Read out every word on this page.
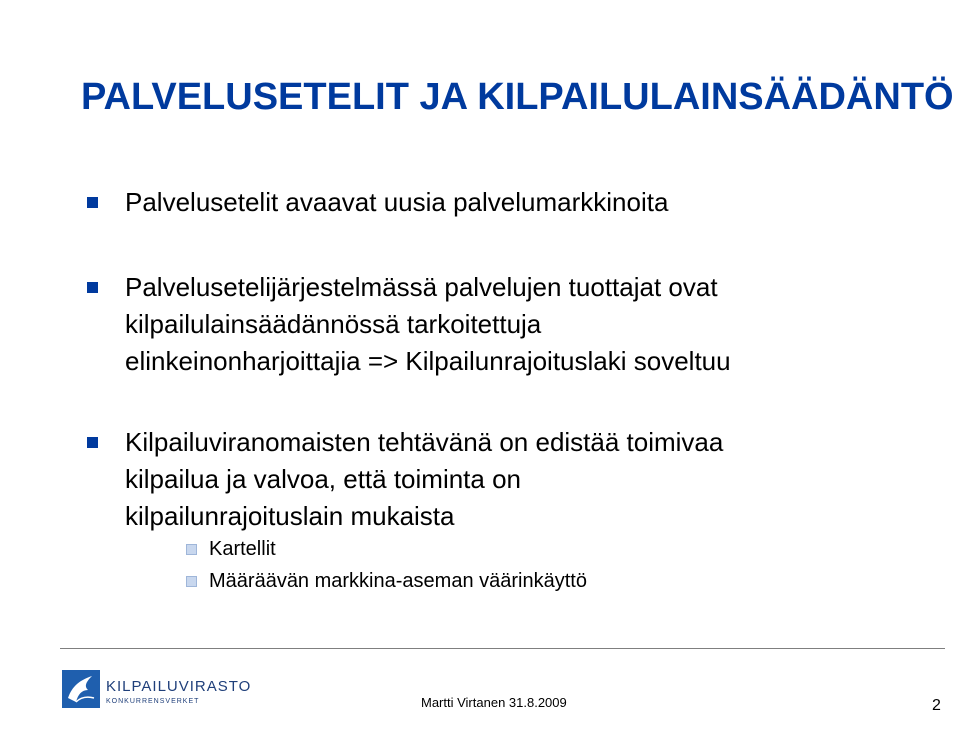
PALVELUSETELIT JA KILPAILULAINSÄÄDÄNTÖ
Palvelusetelit avaavat uusia palvelumarkkinoita
Palvelusetelijärjestelmässä palvelujen tuottajat ovat
kilpailulainsäädännössä tarkoitettuja
elinkeinonharjoittajia => Kilpailunrajoituslaki soveltuu
Kilpailuviranomaisten tehtävänä on edistää toimivaa
kilpailua ja valvoa, että toiminta on
kilpailunrajoituslain mukaista
Kartellit
Määräävän markkina-aseman väärinkäyttö
KILPAILUVIRASTO
KONKURRENSVERKET	Martti Virtanen 31.8.2009	2
